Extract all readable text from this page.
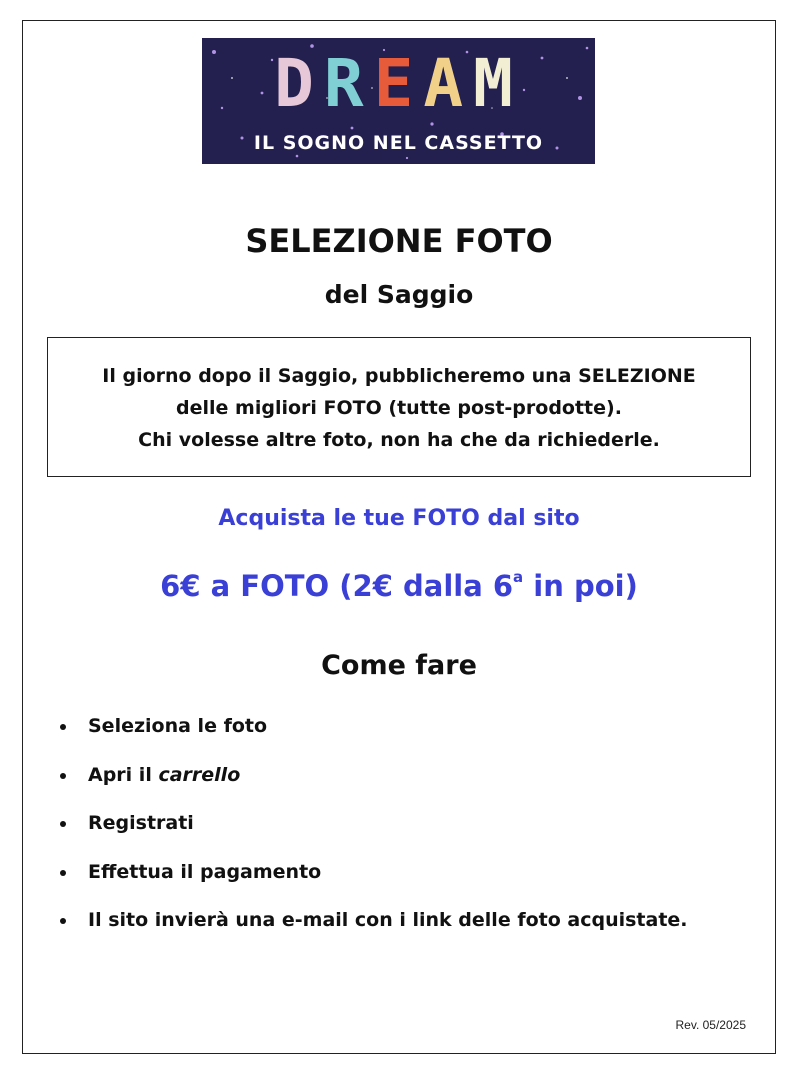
DREAM
IL SOGNO NEL CASSETTO
SELEZIONE FOTO
del Saggio

Il giorno dopo il Saggio, pubblicheremo una SELEZIONE

delle migliori FOTO (tutte post-prodotte).

Chi volesse altre foto, non ha che da richiederle.

Acquista le tue FOTO dal sito

6€ a FOTO (2€ dalla 6$^a$ in poi)

Come fare
Seleziona le foto
Apri il carrello
Registrati
Effettua il pagamento
Il sito invierà una e-mail con i link delle foto acquistate.
Rev. 05/2025
